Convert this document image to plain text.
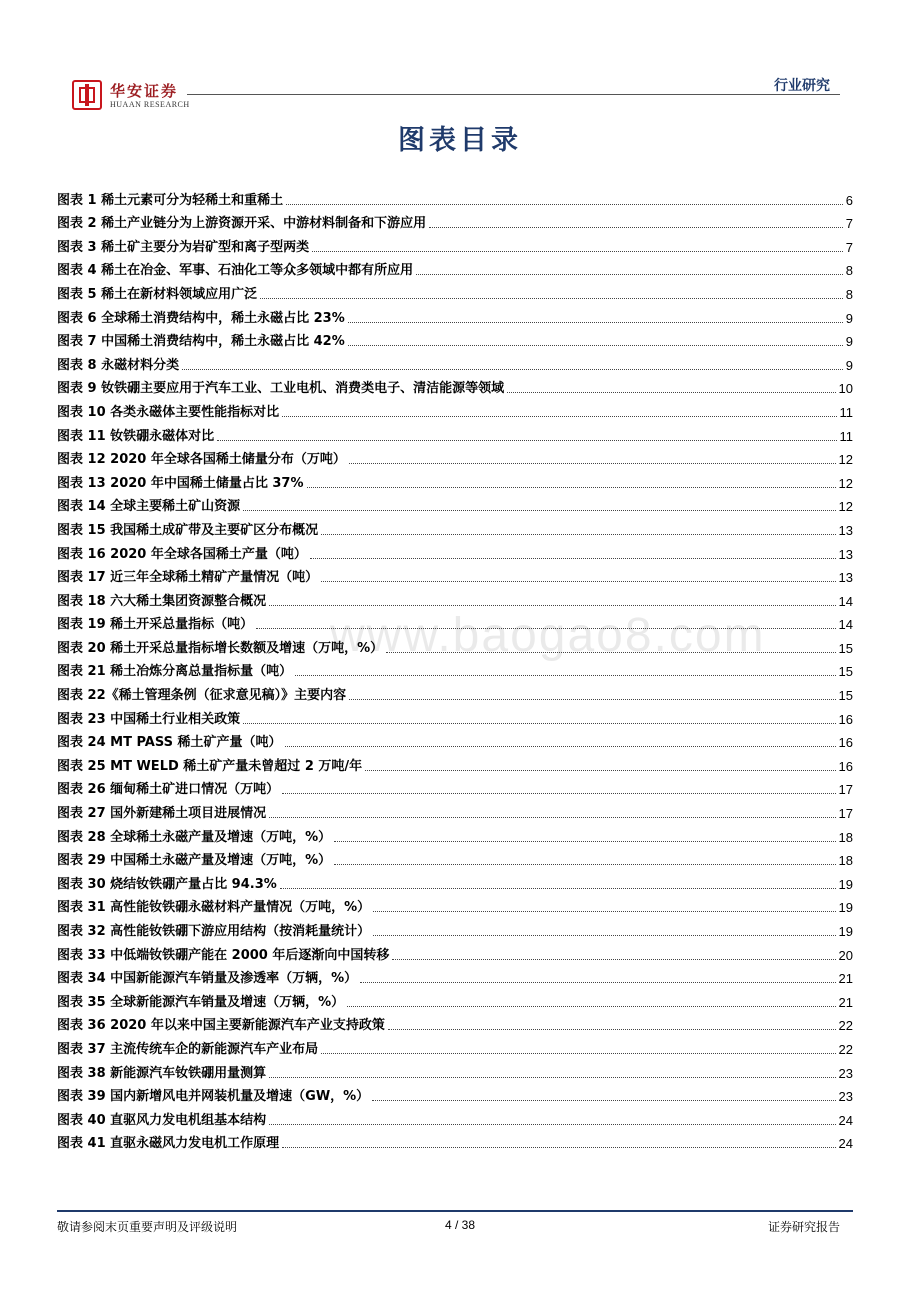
华安证券
HUAAN RESEARCH
行业研究
图表目录
www.baogao8.com
图表 1 稀土元素可分为轻稀土和重稀土	6
图表 2 稀土产业链分为上游资源开采、中游材料制备和下游应用	7
图表 3 稀土矿主要分为岩矿型和离子型两类	7
图表 4 稀土在冶金、军事、石油化工等众多领域中都有所应用	8
图表 5 稀土在新材料领域应用广泛	8
图表 6 全球稀土消费结构中，稀土永磁占比 23%	9
图表 7 中国稀土消费结构中，稀土永磁占比 42%	9
图表 8 永磁材料分类	9
图表 9 钕铁硼主要应用于汽车工业、工业电机、消费类电子、清洁能源等领域	10
图表 10 各类永磁体主要性能指标对比	11
图表 11 钕铁硼永磁体对比	11
图表 12 2020 年全球各国稀土储量分布（万吨）	12
图表 13 2020 年中国稀土储量占比 37%	12
图表 14 全球主要稀土矿山资源	12
图表 15 我国稀土成矿带及主要矿区分布概况	13
图表 16 2020 年全球各国稀土产量（吨）	13
图表 17 近三年全球稀土精矿产量情况（吨）	13
图表 18 六大稀土集团资源整合概况	14
图表 19 稀土开采总量指标（吨）	14
图表 20 稀土开采总量指标增长数额及增速（万吨，%）	15
图表 21 稀土冶炼分离总量指标量（吨）	15
图表 22《稀土管理条例（征求意见稿）》主要内容	15
图表 23 中国稀土行业相关政策	16
图表 24 MT PASS 稀土矿产量（吨）	16
图表 25 MT WELD 稀土矿产量未曾超过 2 万吨/年	16
图表 26 缅甸稀土矿进口情况（万吨）	17
图表 27 国外新建稀土项目进展情况	17
图表 28 全球稀土永磁产量及增速（万吨，%）	18
图表 29 中国稀土永磁产量及增速（万吨，%）	18
图表 30 烧结钕铁硼产量占比 94.3%	19
图表 31 高性能钕铁硼永磁材料产量情况（万吨，%）	19
图表 32 高性能钕铁硼下游应用结构（按消耗量统计）	19
图表 33 中低端钕铁硼产能在 2000 年后逐渐向中国转移	20
图表 34 中国新能源汽车销量及渗透率（万辆，%）	21
图表 35 全球新能源汽车销量及增速（万辆，%）	21
图表 36 2020 年以来中国主要新能源汽车产业支持政策	22
图表 37 主流传统车企的新能源汽车产业布局	22
图表 38 新能源汽车钕铁硼用量测算	23
图表 39 国内新增风电并网装机量及增速（GW，%）	23
图表 40 直驱风力发电机组基本结构	24
图表 41 直驱永磁风力发电机工作原理	24
敬请参阅末页重要声明及评级说明	4 / 38	证券研究报告
